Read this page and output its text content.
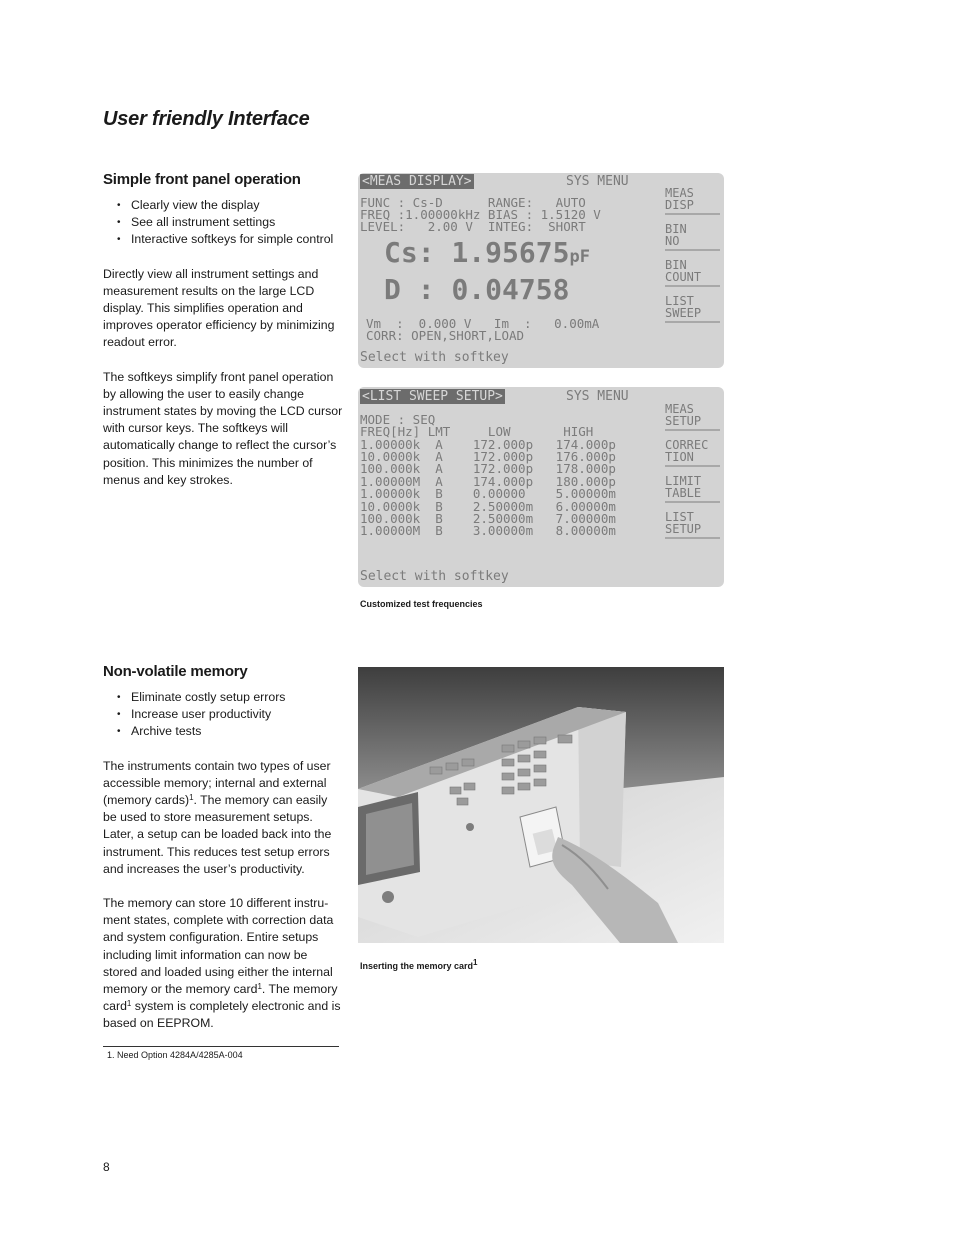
User friendly Interface
Simple front panel operation
• Clearly view the display
• See all instrument settings
• Interactive softkeys for simple control

Directly view all instrument settings and measurement results on the large LCD display. This simplifies operation and improves operator efficiency by minimizing readout error.

The softkeys simplify front panel operation by allowing the user to easily change instrument states by moving the LCD cursor with cursor keys. The softkeys will automatically change to reflect the cursor’s position. This minimizes the number of menus and key strokes.

<MEAS DISPLAY>	SYS MENU
FUNC : Cs-D      RANGE:   AUTO
FREQ :1.00000kHz BIAS : 1.5120 V
LEVEL:   2.00 V  INTEG:  SHORT
Cs: 1.95675pF
D : 0.04758
Vm  :  0.000 V   Im  :   0.00mA
CORR: OPEN,SHORT,LOAD
Select with softkey
MEAS
DISP
BIN
NO
BIN
COUNT
LIST
SWEEP
<LIST SWEEP SETUP>	SYS MENU
MODE : SEQ
FREQ[Hz] LMT     LOW       HIGH
1.00000k  A    172.000p   174.000p
10.0000k  A    172.000p   176.000p
100.000k  A    172.000p   178.000p
1.00000M  A    174.000p   180.000p
1.00000k  B    0.00000    5.00000m
10.0000k  B    2.50000m   6.00000m
100.000k  B    2.50000m   7.00000m
1.00000M  B    3.00000m   8.00000m
Select with softkey
MEAS
SETUP
CORREC
TION
LIMIT
TABLE
LIST
SETUP
Customized test frequencies
Non-volatile memory
• Eliminate costly setup errors
• Increase user productivity
• Archive tests

The instruments contain two types of user accessible memory; internal and external (memory cards)$^1$. The memory can easily be used to store measurement setups. Later, a setup can be loaded back into the instrument. This reduces test setup errors and increases the user’s productivity.

The memory can store 10 different instru-ment states, complete with correction data and system configuration. Entire setups including limit information can now be stored and loaded using either the internal memory or the memory card$^1$. The memory card$^1$ system is completely electronic and is based on EEPROM.

Inserting the memory card$^1$
1. Need Option 4284A/4285A-004
8
